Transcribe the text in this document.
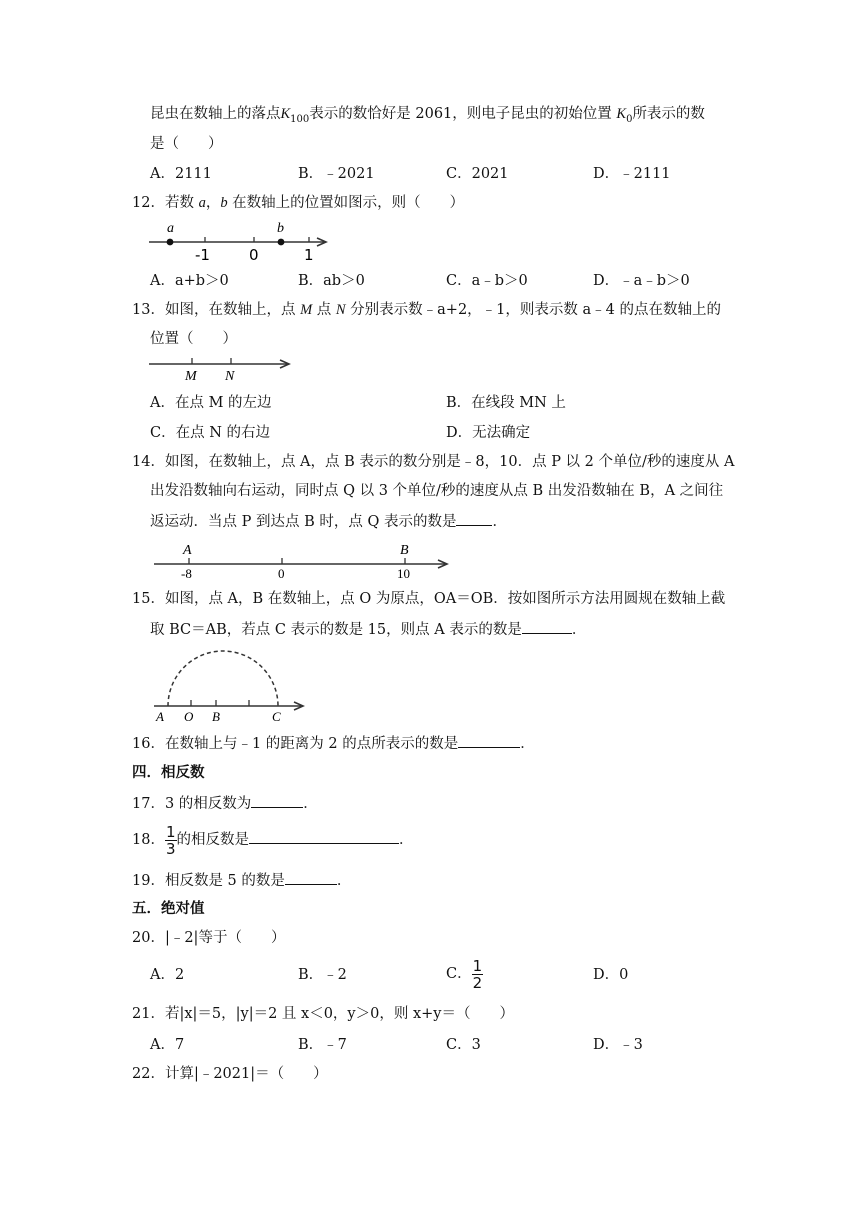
昆虫在数轴上的落点$K_{100}$表示的数恰好是 2061，则电子昆虫的初始位置 $K_0$所表示的数
是（　　）
A．2111	B．﹣2021	C．2021	D．﹣2111
12．若数 a，b 在数轴上的位置如图示，则（　　）
a	b
-1	0	1
A．a+b＞0	B．ab＞0	C．a﹣b＞0	D．﹣a﹣b＞0
13．如图，在数轴上，点 M 点 N 分别表示数﹣a+2，﹣1，则表示数 a﹣4 的点在数轴上的
位置（　　）
M N
A．在点 M 的左边	B．在线段 MN 上
C．在点 N 的右边	D．无法确定
14．如图，在数轴上，点 A，点 B 表示的数分别是﹣8，10．点 P 以 2 个单位/秒的速度从 A
出发沿数轴向右运动，同时点 Q 以 3 个单位/秒的速度从点 B 出发沿数轴在 B，A 之间往
返运动．当点 P 到达点 B 时，点 Q 表示的数是 ．
A	B
-8	0	10
15．如图，点 A，B 在数轴上，点 O 为原点，OA＝OB．按如图所示方法用圆规在数轴上截
取 BC＝AB，若点 C 表示的数是 15，则点 A 表示的数是	．
A O B	C
16．在数轴上与﹣1 的距离为 2 的点所表示的数是	．
四．相反数
17．3 的相反数为	．
18． $\frac{1}{3}$ 的相反数是	．
19．相反数是 5 的数是	．
五．绝对值
20．|﹣2|等于（　　）
A．2	B．﹣2	C． $\frac{1}{2}$	D．0
21．若|x|＝5，|y|＝2 且 x＜0，y＞0，则 x+y＝（　　）
A．7	B．﹣7	C．3	D．﹣3
22．计算|﹣2021|＝（　　）
